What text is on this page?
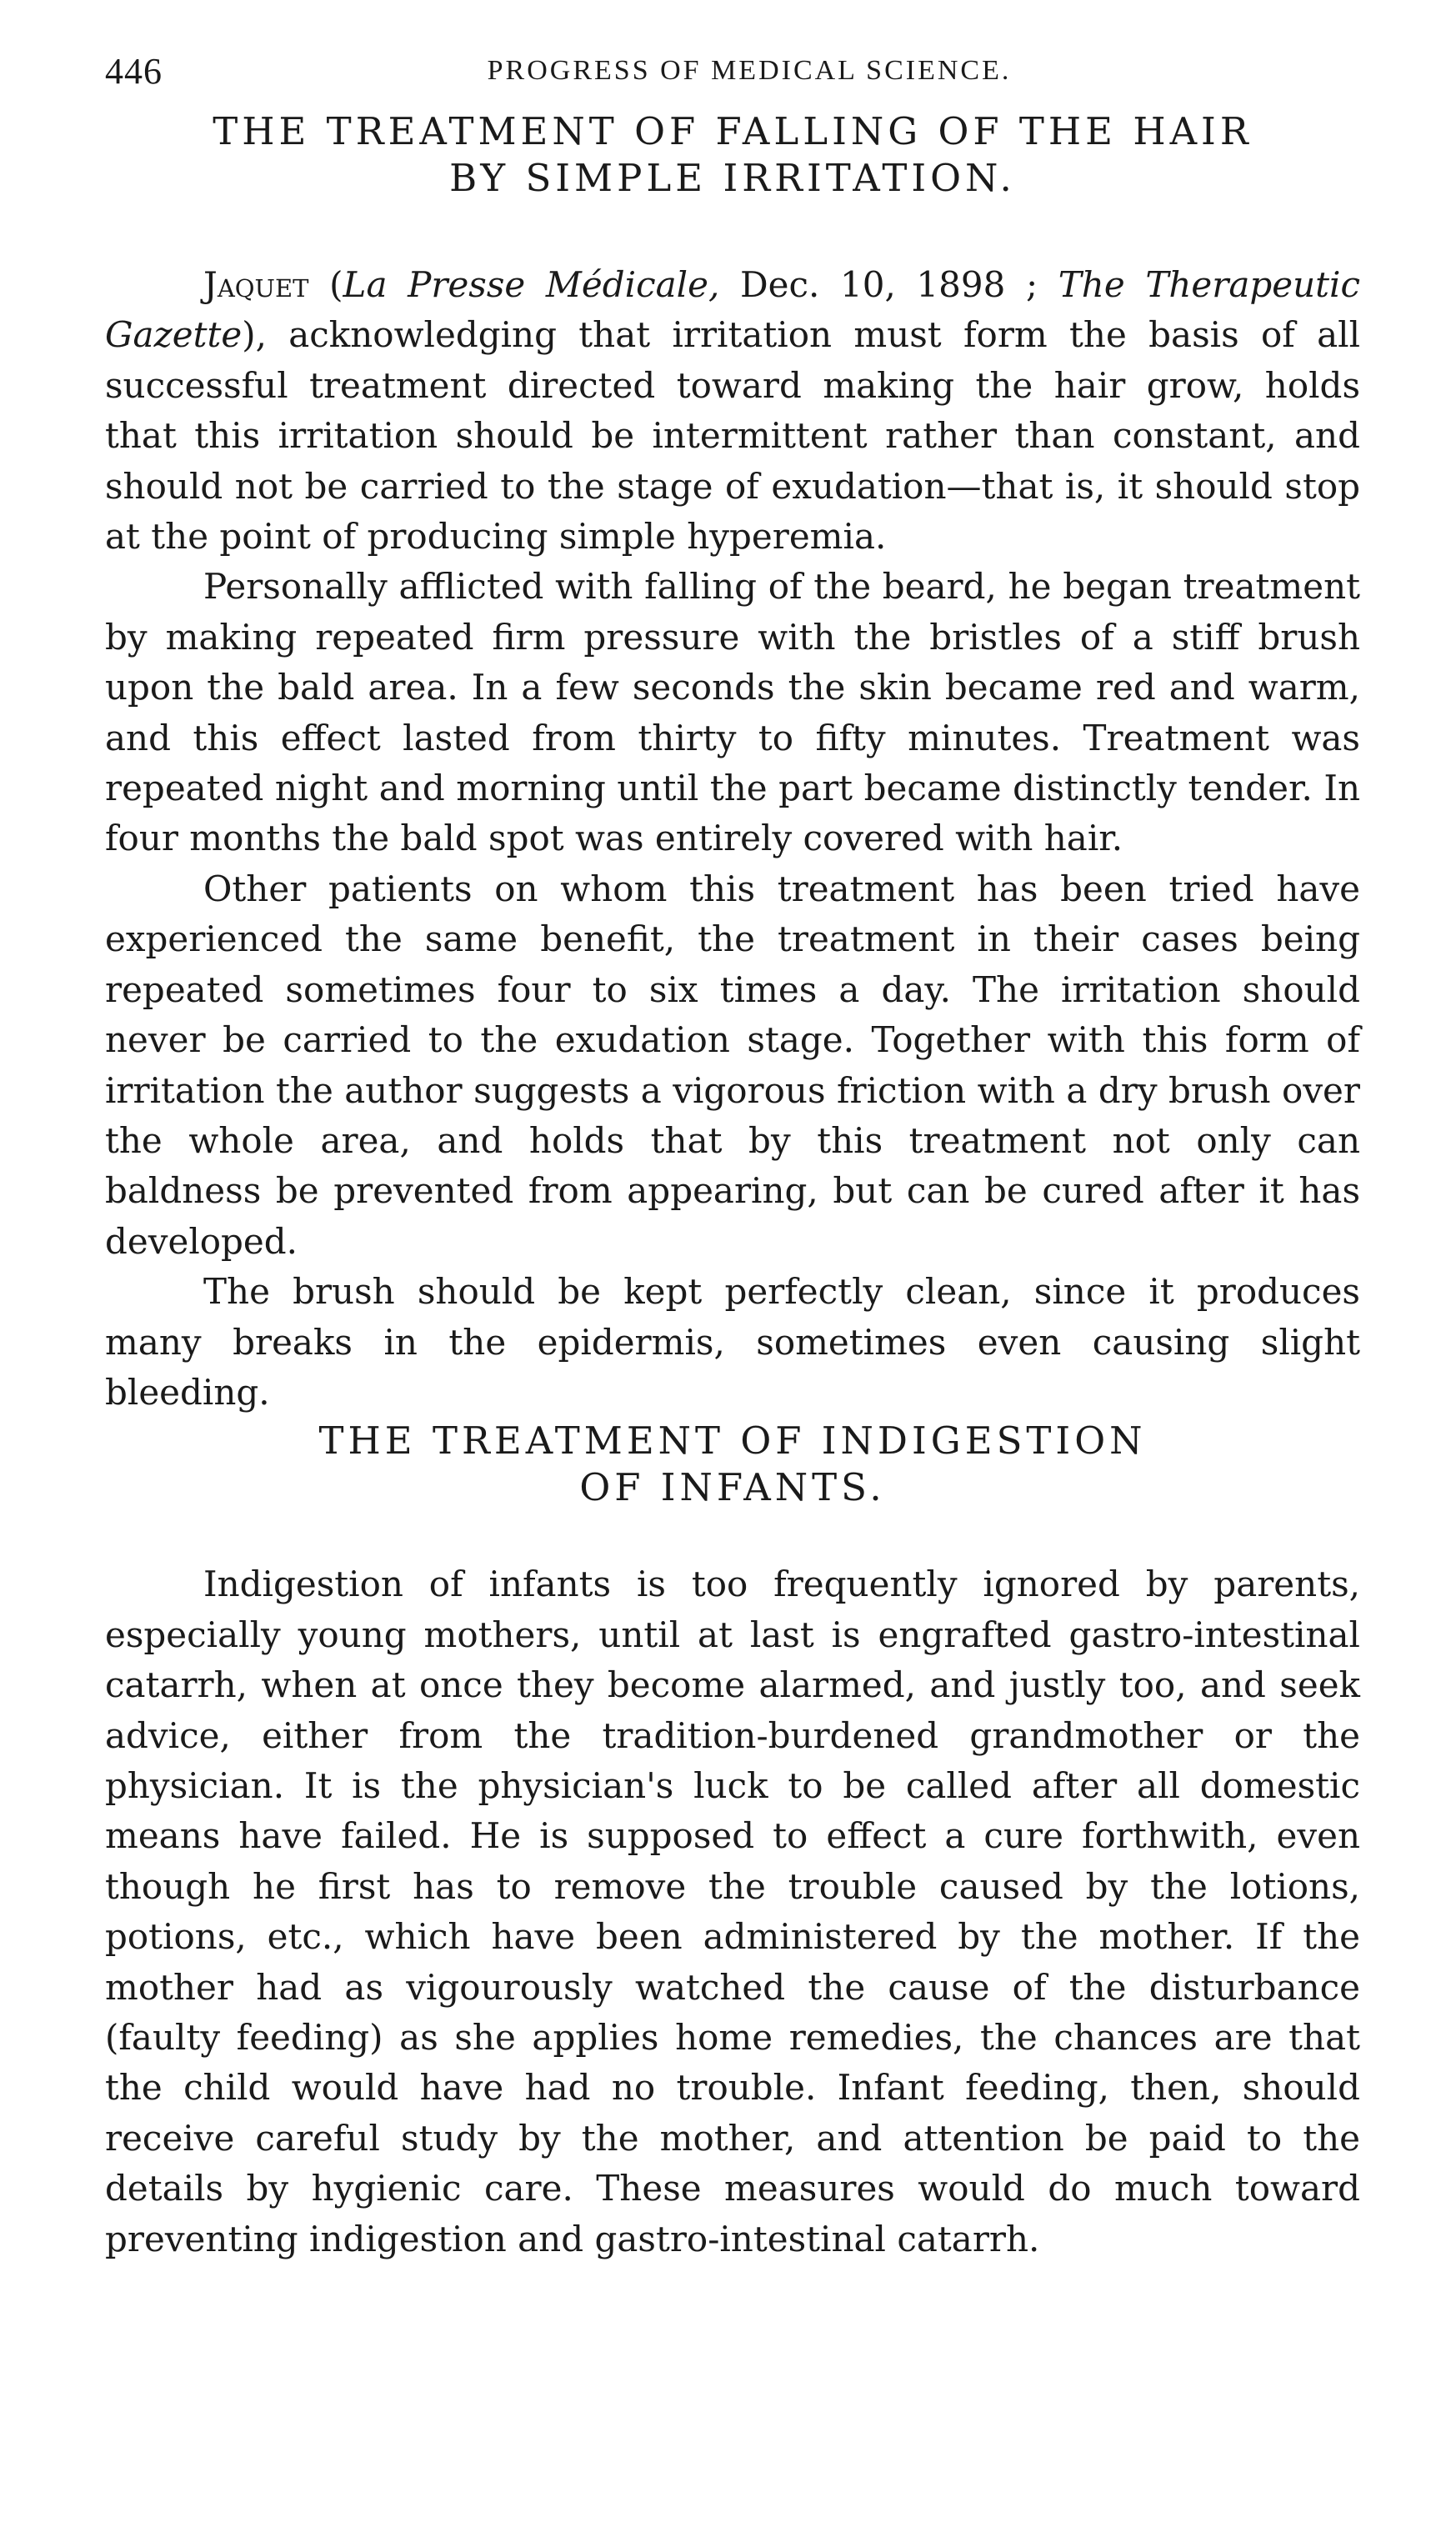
446	PROGRESS OF MEDICAL SCIENCE.
THE TREATMENT OF FALLING OF THE HAIR
BY SIMPLE IRRITATION.

Jaquet (La Presse Médicale, Dec. 10, 1898 ; The Therapeutic Gazette), acknowledging that irritation must form the basis of all successful treatment directed toward making the hair grow, holds that this irritation should be intermittent rather than constant, and should not be carried to the stage of exudation—that is, it should stop at the point of producing simple hyperemia.

Personally afflicted with falling of the beard, he began treatment by making repeated firm pressure with the bristles of a stiff brush upon the bald area. In a few seconds the skin became red and warm, and this effect lasted from thirty to fifty minutes. Treatment was repeated night and morning until the part became distinctly tender. In four months the bald spot was entirely covered with hair.

Other patients on whom this treatment has been tried have experienced the same benefit, the treatment in their cases being repeated sometimes four to six times a day. The irritation should never be carried to the exudation stage. Together with this form of irritation the author suggests a vigorous friction with a dry brush over the whole area, and holds that by this treatment not only can baldness be prevented from appearing, but can be cured after it has developed.

The brush should be kept perfectly clean, since it produces many breaks in the epidermis, sometimes even causing slight bleeding.

THE TREATMENT OF INDIGESTION
OF INFANTS.

Indigestion of infants is too frequently ignored by parents, especially young mothers, until at last is engrafted gastro-intestinal catarrh, when at once they become alarmed, and justly too, and seek advice, either from the tradition-burdened grandmother or the physician. It is the physician's luck to be called after all domestic means have failed. He is supposed to effect a cure forthwith, even though he first has to remove the trouble caused by the lotions, potions, etc., which have been administered by the mother. If the mother had as vigourously watched the cause of the disturbance (faulty feeding) as she applies home remedies, the chances are that the child would have had no trouble. Infant feeding, then, should receive careful study by the mother, and attention be paid to the details by hygienic care. These measures would do much toward preventing indigestion and gastro-intestinal catarrh.
